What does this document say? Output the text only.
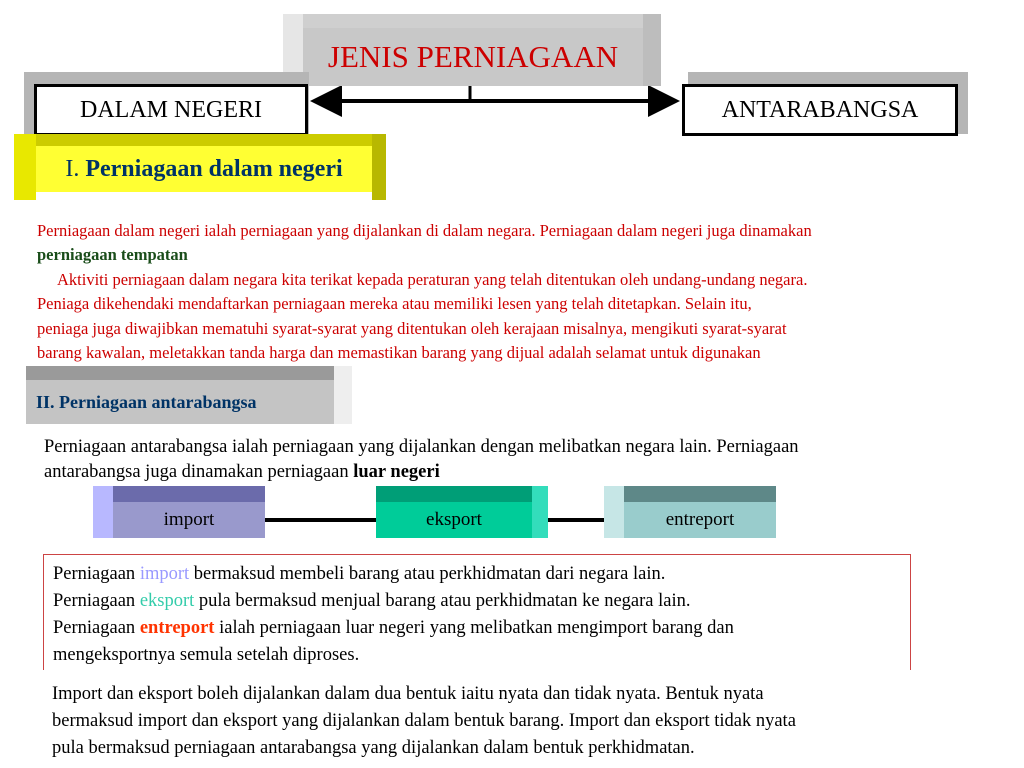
JENIS PERNIAGAAN
DALAM NEGERI	ANTARABANGSA
I. Perniagaan dalam negeri
Perniagaan dalam negeri ialah perniagaan yang dijalankan di dalam negara. Perniagaan dalam negeri juga dinamakan
perniagaan tempatan
Aktiviti perniagaan dalam negara kita terikat kepada peraturan yang telah ditentukan oleh undang-undang negara.
Peniaga dikehendaki mendaftarkan perniagaan mereka atau memiliki lesen yang telah ditetapkan. Selain itu,
peniaga juga diwajibkan mematuhi syarat-syarat yang ditentukan oleh kerajaan misalnya, mengikuti syarat-syarat
barang kawalan, meletakkan tanda harga dan memastikan barang yang dijual adalah selamat untuk digunakan
II. Perniagaan antarabangsa
Perniagaan antarabangsa ialah perniagaan yang dijalankan dengan melibatkan negara lain. Perniagaan
antarabangsa juga dinamakan perniagaan luar negeri
import	eksport	entreport
Perniagaan import bermaksud membeli barang atau perkhidmatan dari negara lain.
Perniagaan eksport pula bermaksud menjual barang atau perkhidmatan ke negara lain.
Perniagaan entreport ialah perniagaan luar negeri yang melibatkan mengimport barang dan
mengeksportnya semula setelah diproses.
Import dan eksport boleh dijalankan dalam dua bentuk iaitu nyata dan tidak nyata. Bentuk nyata
bermaksud import dan eksport yang dijalankan dalam bentuk barang. Import dan eksport tidak nyata
pula bermaksud perniagaan antarabangsa yang dijalankan dalam bentuk perkhidmatan.
